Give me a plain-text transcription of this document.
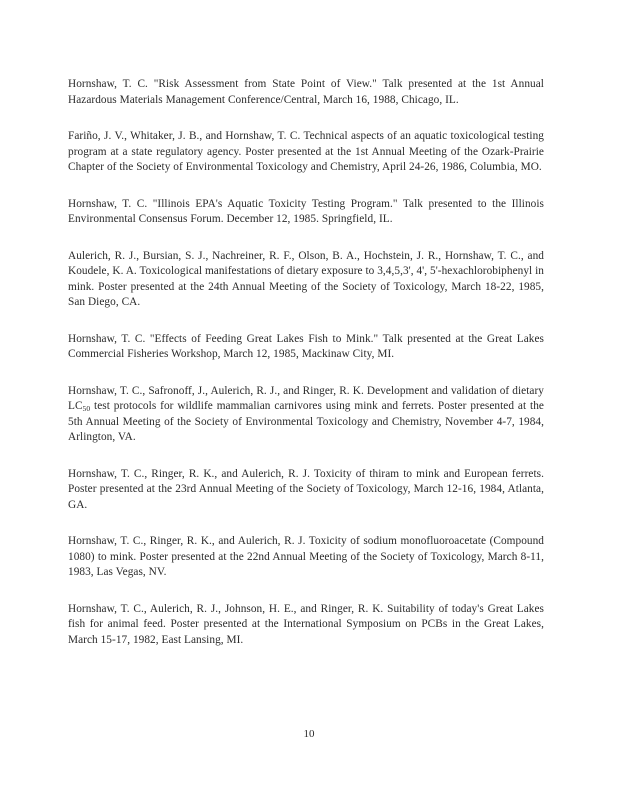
Hornshaw, T. C. "Risk Assessment from State Point of View." Talk presented at the 1st Annual Hazardous Materials Management Conference/Central, March 16, 1988, Chicago, IL.

Fariño, J. V., Whitaker, J. B., and Hornshaw, T. C. Technical aspects of an aquatic toxicological testing program at a state regulatory agency. Poster presented at the 1st Annual Meeting of the Ozark-Prairie Chapter of the Society of Environmental Toxicology and Chemistry, April 24-26, 1986, Columbia, MO.

Hornshaw, T. C. "Illinois EPA's Aquatic Toxicity Testing Program." Talk presented to the Illinois Environmental Consensus Forum. December 12, 1985. Springfield, IL.

Aulerich, R. J., Bursian, S. J., Nachreiner, R. F., Olson, B. A., Hochstein, J. R., Hornshaw, T. C., and Koudele, K. A. Toxicological manifestations of dietary exposure to 3,4,5,3', 4', 5'-hexachlorobiphenyl in mink. Poster presented at the 24th Annual Meeting of the Society of Toxicology, March 18-22, 1985, San Diego, CA.

Hornshaw, T. C. "Effects of Feeding Great Lakes Fish to Mink." Talk presented at the Great Lakes Commercial Fisheries Workshop, March 12, 1985, Mackinaw City, MI.

Hornshaw, T. C., Safronoff, J., Aulerich, R. J., and Ringer, R. K. Development and validation of dietary $LC_{50}$ test protocols for wildlife mammalian carnivores using mink and ferrets. Poster presented at the 5th Annual Meeting of the Society of Environmental Toxicology and Chemistry, November 4-7, 1984, Arlington, VA.

Hornshaw, T. C., Ringer, R. K., and Aulerich, R. J. Toxicity of thiram to mink and European ferrets. Poster presented at the 23rd Annual Meeting of the Society of Toxicology, March 12-16, 1984, Atlanta, GA.

Hornshaw, T. C., Ringer, R. K., and Aulerich, R. J. Toxicity of sodium monofluoroacetate (Compound 1080) to mink. Poster presented at the 22nd Annual Meeting of the Society of Toxicology, March 8-11, 1983, Las Vegas, NV.

Hornshaw, T. C., Aulerich, R. J., Johnson, H. E., and Ringer, R. K. Suitability of today's Great Lakes fish for animal feed. Poster presented at the International Symposium on PCBs in the Great Lakes, March 15-17, 1982, East Lansing, MI.

10
